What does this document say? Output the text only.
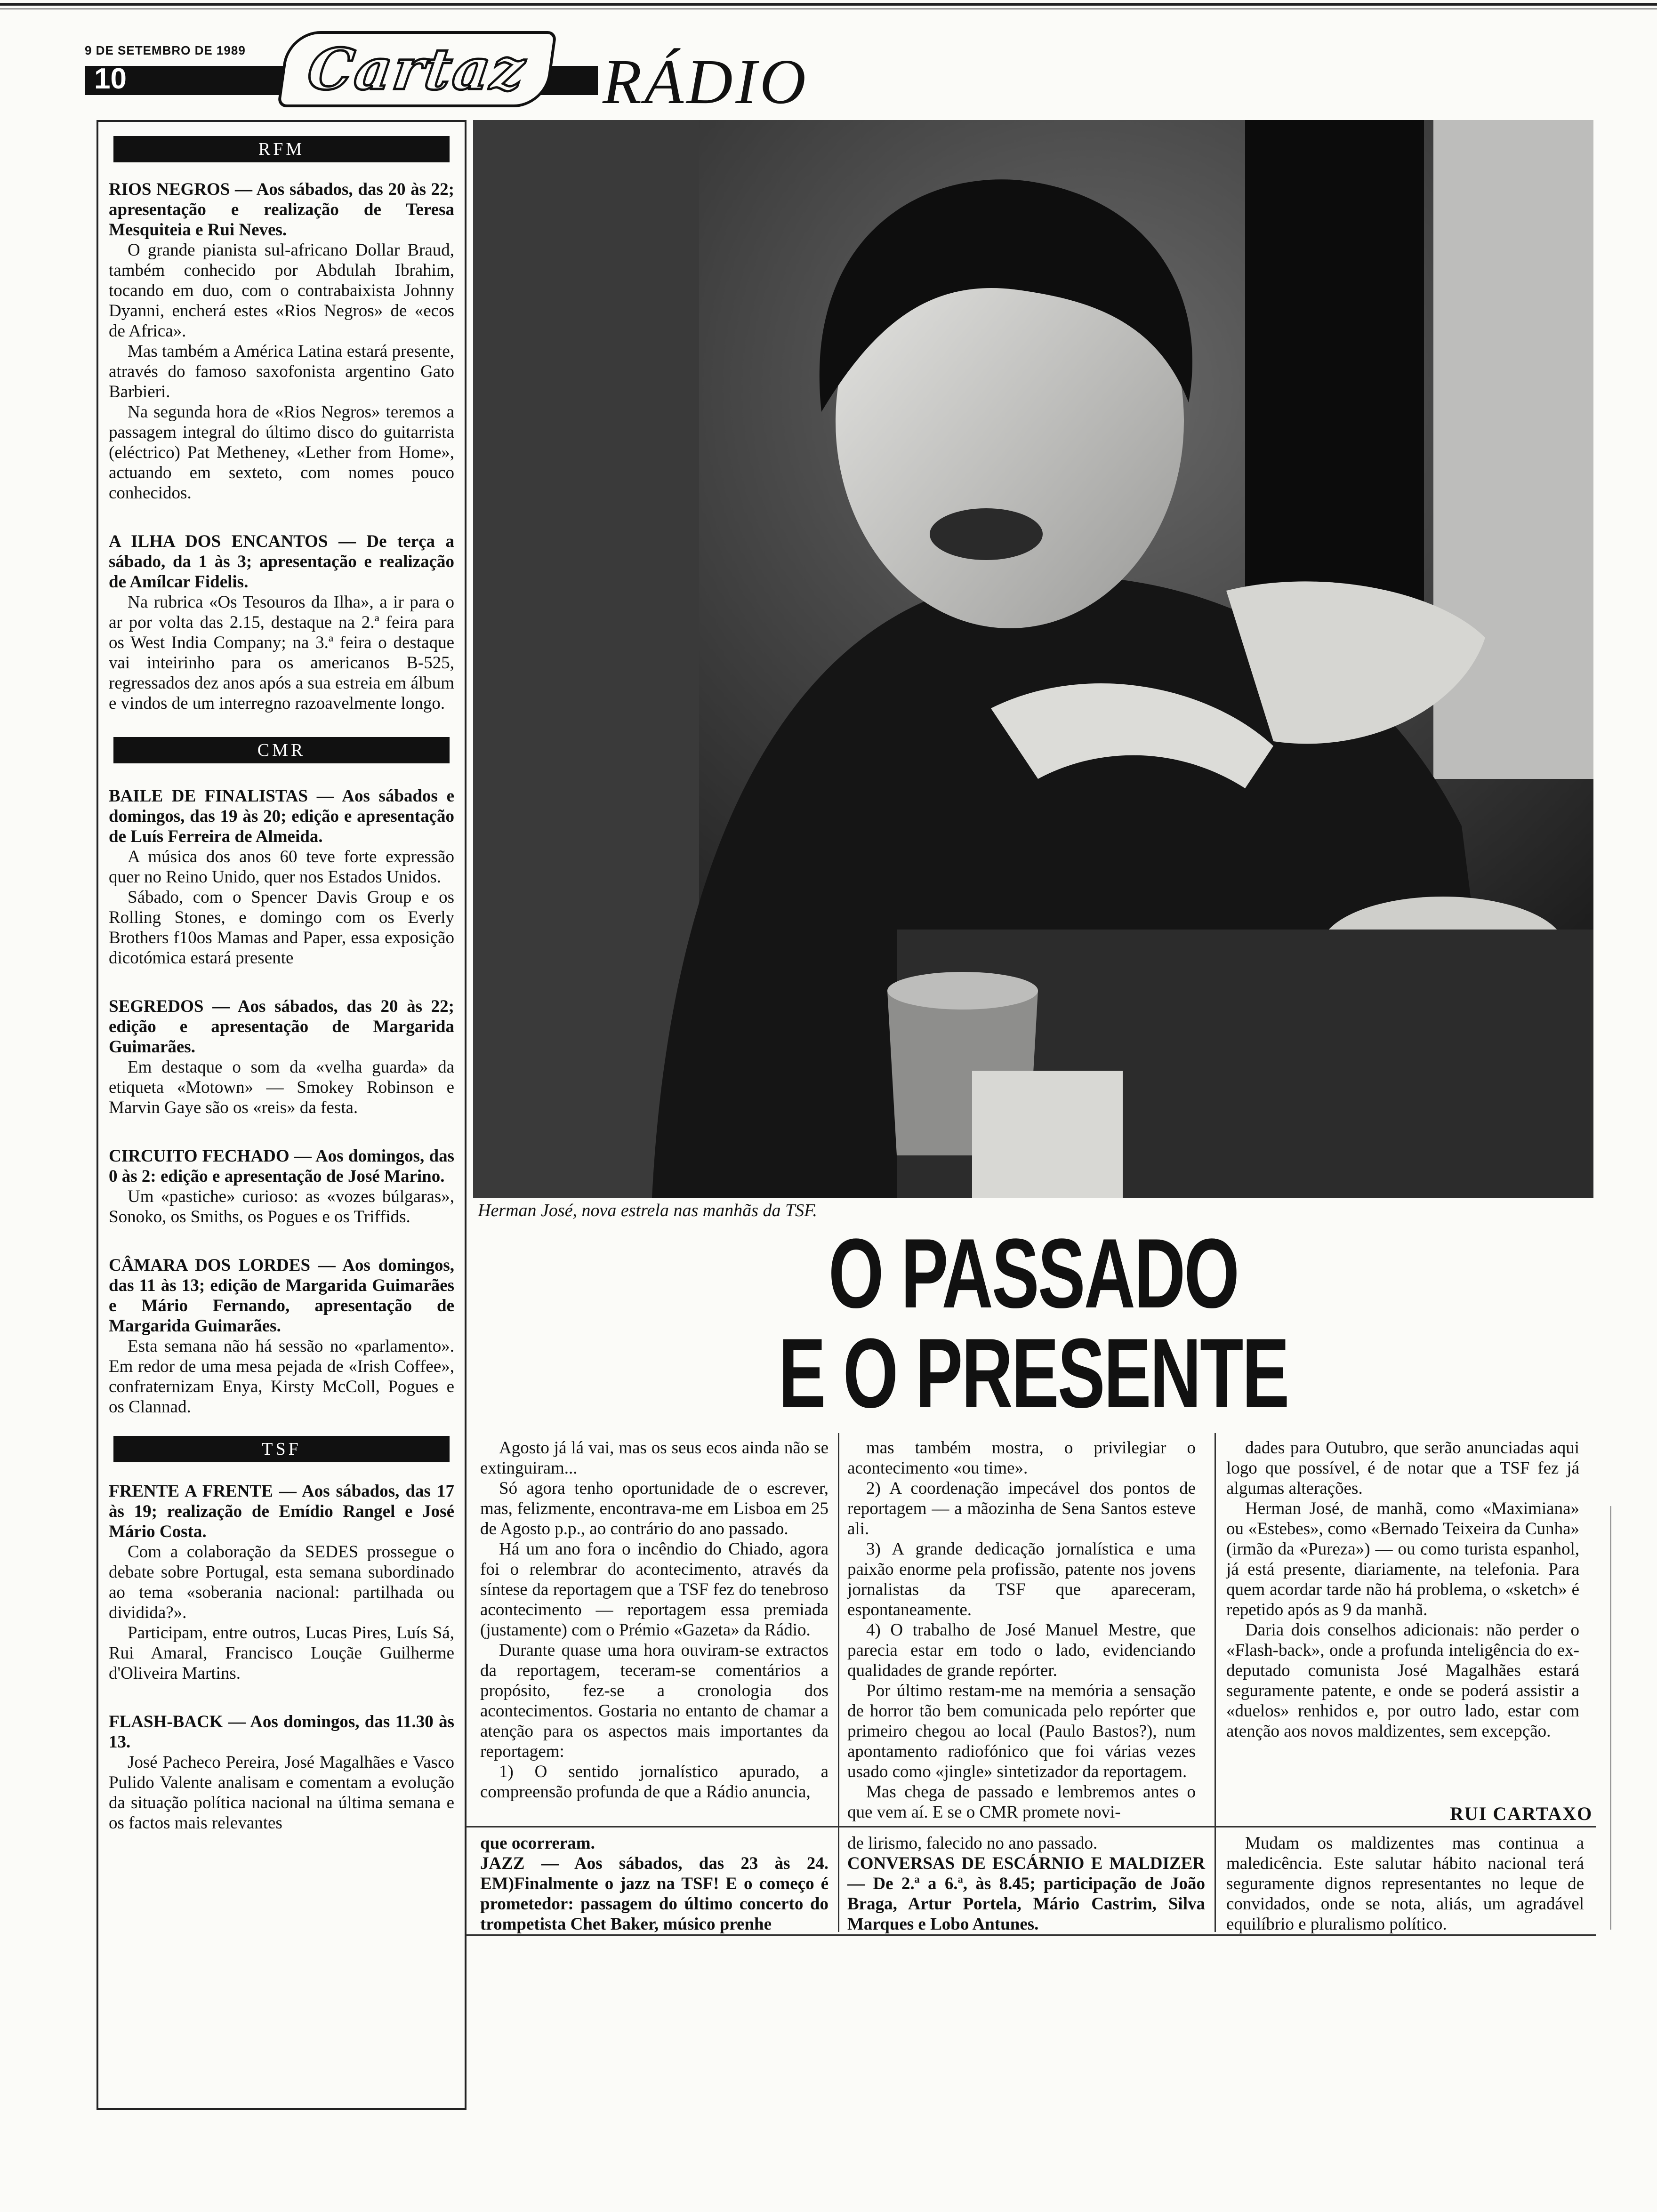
9 DE SETEMBRO DE 1989
10	Cartaz RÁDIO
RFM

RIOS NEGROS — Aos sábados, das 20 às 22; apresentação e realização de Teresa Mesquiteia e Rui Neves.

O grande pianista sul-africano Dollar Braud, também conhecido por Abdulah Ibrahim, tocando em duo, com o contrabaixista Johnny Dyanni, encherá estes «Rios Negros» de «ecos de Africa».

Mas também a América Latina estará presente, através do famoso saxofonista argentino Gato Barbieri.

Na segunda hora de «Rios Negros» teremos a passagem integral do último disco do guitarrista (eléctrico) Pat Metheney, «Lether from Home», actuando em sexteto, com nomes pouco conhecidos.

A ILHA DOS ENCANTOS — De terça a sábado, da 1 às 3; apresentação e realização de Amílcar Fidelis.

Na rubrica «Os Tesouros da Ilha», a ir para o ar por volta das 2.15, destaque na 2.ª feira para os West India Company; na 3.ª feira o destaque vai inteirinho para os americanos B-525, regressados dez anos após a sua estreia em álbum e vindos de um interregno razoavelmente longo.

CMR

BAILE DE FINALISTAS — Aos sábados e domingos, das 19 às 20; edição e apresentação de Luís Ferreira de Almeida.

A música dos anos 60 teve forte expressão quer no Reino Unido, quer nos Estados Unidos.

Sábado, com o Spencer Davis Group e os Rolling Stones, e domingo com os Everly Brothers f10os Mamas and Paper, essa exposição dicotómica estará presente

SEGREDOS — Aos sábados, das 20 às 22; edição e apresentação de Margarida Guimarães.

Em destaque o som da «velha guarda» da etiqueta «Motown» — Smokey Robinson e Marvin Gaye são os «reis» da festa.

CIRCUITO FECHADO — Aos domingos, das 0 às 2: edição e apresentação de José Marino.

Um «pastiche» curioso: as «vozes búlgaras», Sonoko, os Smiths, os Pogues e os Triffids.

CÂMARA DOS LORDES — Aos domingos, das 11 às 13; edição de Margarida Guimarães e Mário Fernando, apresentação de Margarida Guimarães.

Esta semana não há sessão no «parlamento». Em redor de uma mesa pejada de «Irish Coffee», confraternizam Enya, Kirsty McColl, Pogues e os Clannad.

TSF

FRENTE A FRENTE — Aos sábados, das 17 às 19; realização de Emídio Rangel e José Mário Costa.

Com a colaboração da SEDES prossegue o debate sobre Portugal, esta semana subordinado ao tema «soberania nacional: partilhada ou dividida?».

Participam, entre outros, Lucas Pires, Luís Sá, Rui Amaral, Francisco Louçãe Guilherme d'Oliveira Martins.

FLASH-BACK — Aos domingos, das 11.30 às 13.

José Pacheco Pereira, José Magalhães e Vasco Pulido Valente analisam e comentam a evolução da situação política nacional na última semana e os factos mais relevantes

Herman José, nova estrela nas manhãs da TSF.
O PASSADO
E O PRESENTE

Agosto já lá vai, mas os seus ecos ainda não se extinguiram...

Só agora tenho oportunidade de o escrever, mas, felizmente, encontrava-me em Lisboa em 25 de Agosto p.p., ao contrário do ano passado.

Há um ano fora o incêndio do Chiado, agora foi o relembrar do acontecimento, através da síntese da reportagem que a TSF fez do tenebroso acontecimento — reportagem essa premiada (justamente) com o Prémio «Gazeta» da Rádio.

Durante quase uma hora ouviram-se extractos da reportagem, teceram-se comentários a propósito, fez-se a cronologia dos acontecimentos. Gostaria no entanto de chamar a atenção para os aspectos mais importantes da reportagem:

1) O sentido jornalístico apurado, a compreensão profunda de que a Rádio anuncia,

mas também mostra, o privilegiar o acontecimento «ou time».

2) A coordenação impecável dos pontos de reportagem — a mãozinha de Sena Santos esteve ali.

3) A grande dedicação jornalística e uma paixão enorme pela profissão, patente nos jovens jornalistas da TSF que apareceram, espontaneamente.

4) O trabalho de José Manuel Mestre, que parecia estar em todo o lado, evidenciando qualidades de grande repórter.

Por último restam-me na memória a sensação de horror tão bem comunicada pelo repórter que primeiro chegou ao local (Paulo Bastos?), num apontamento radiofónico que foi várias vezes usado como «jingle» sintetizador da reportagem.

Mas chega de passado e lembremos antes o que vem aí. E se o CMR promete novi-

dades para Outubro, que serão anunciadas aqui logo que possível, é de notar que a TSF fez já algumas alterações.

Herman José, de manhã, como «Maximiana» ou «Estebes», como «Bernado Teixeira da Cunha» (irmão da «Pureza») — ou como turista espanhol, já está presente, diariamente, na telefonia. Para quem acordar tarde não há problema, o «sketch» é repetido após as 9 da manhã.

Daria dois conselhos adicionais: não perder o «Flash-back», onde a profunda inteligência do ex-deputado comunista José Magalhães estará seguramente patente, e onde se poderá assistir a «duelos» renhidos e, por outro lado, estar com atenção aos novos maldizentes, sem excepção.

RUI CARTAXO

que ocorreram.

JAZZ — Aos sábados, das 23 às 24. EM)Finalmente o jazz na TSF! E o começo é prometedor: passagem do último concerto do trompetista Chet Baker, músico prenhe

de lirismo, falecido no ano passado.

CONVERSAS DE ESCÁRNIO E MALDIZER — De 2.ª a 6.ª, às 8.45; participação de João Braga, Artur Portela, Mário Castrim, Silva Marques e Lobo Antunes.

Mudam os maldizentes mas continua a maledicência. Este salutar hábito nacional terá seguramente dignos representantes no leque de convidados, onde se nota, aliás, um agradável equilíbrio e pluralismo político.
